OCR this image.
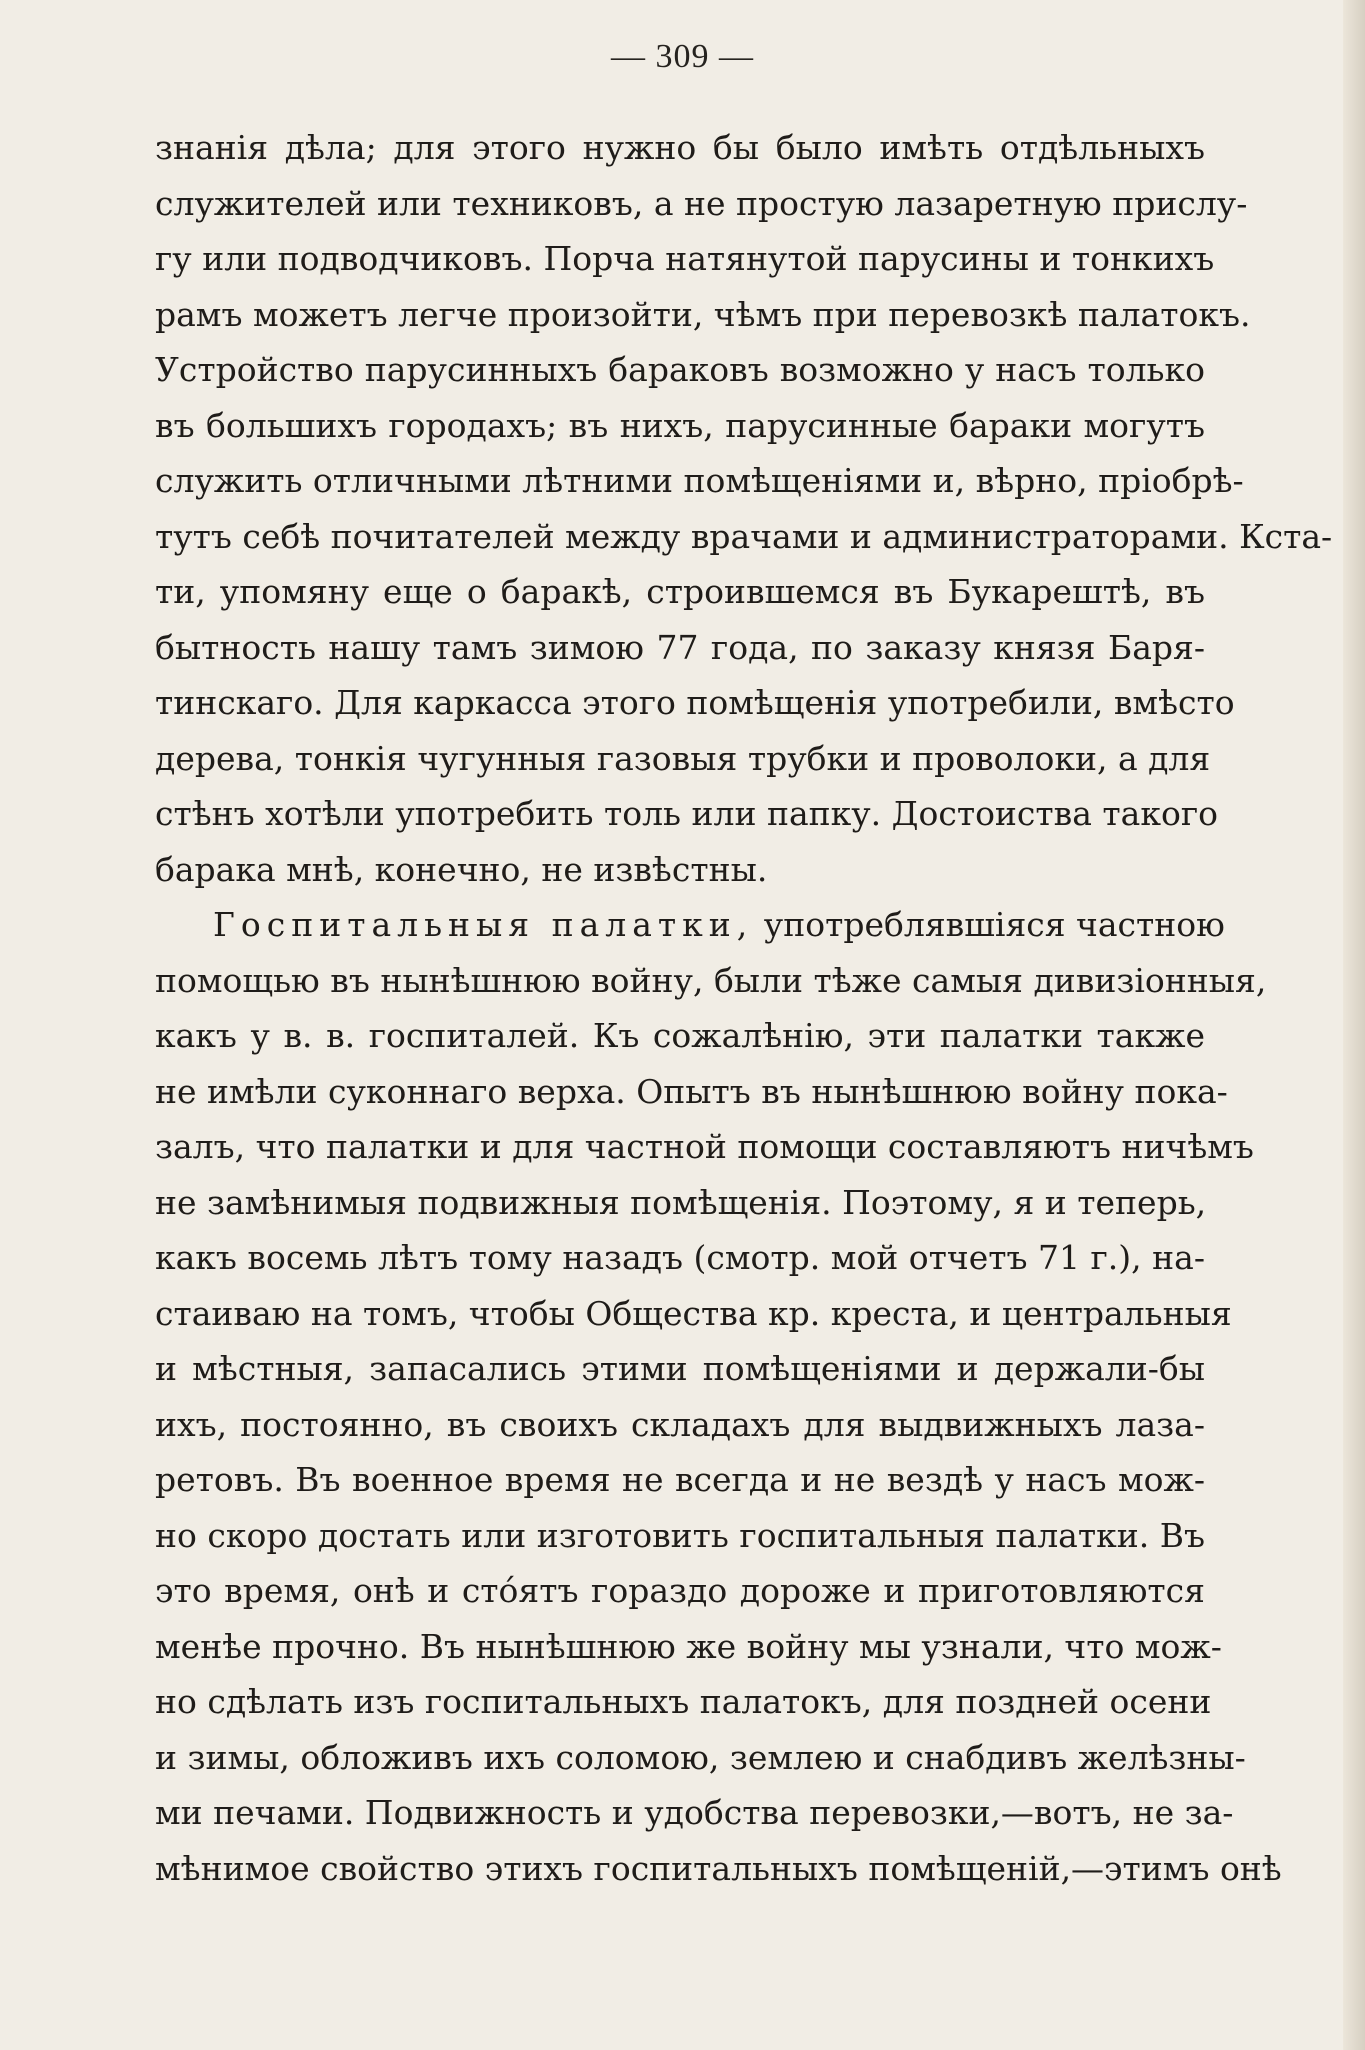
— 309 —
знанія дѣла; для этого нужно бы было имѣть отдѣльныхъ
служителей или техниковъ, а не простую лазаретную прислу-
гу или подводчиковъ. Порча натянутой парусины и тонкихъ
рамъ можетъ легче произойти, чѣмъ при перевозкѣ палатокъ.
Устройство парусинныхъ бараковъ возможно у насъ только
въ большихъ городахъ; въ нихъ, парусинные бараки могутъ
служить отличными лѣтними помѣщеніями и, вѣрно, пріобрѣ-
тутъ себѣ почитателей между врачами и администраторами. Кста-
ти, упомяну еще о баракѣ, строившемся въ Букарештѣ, въ
бытность нашу тамъ зимою 77 года, по заказу князя Баря-
тинскаго. Для каркасса этого помѣщенія употребили, вмѣсто
дерева, тонкія чугунныя газовыя трубки и проволоки, а для
стѣнъ хотѣли употребить толь или папку. Достоиства такого
барака мнѣ, конечно, не извѣстны.
Госпитальныя палатки, употреблявшіяся частною
помощью въ нынѣшнюю войну, были тѣже самыя дивизіонныя,
какъ у в. в. госпиталей. Къ сожалѣнію, эти палатки также
не имѣли суконнаго верха. Опытъ въ нынѣшнюю войну пока-
залъ, что палатки и для частной помощи составляютъ ничѣмъ
не замѣнимыя подвижныя помѣщенія. Поэтому, я и теперь,
какъ восемь лѣтъ тому назадъ (смотр. мой отчетъ 71 г.), на-
стаиваю на томъ, чтобы Общества кр. креста, и центральныя
и мѣстныя, запасались этими помѣщеніями и держали-бы
ихъ, постоянно, въ своихъ складахъ для выдвижныхъ лаза-
ретовъ. Въ военное время не всегда и не вездѣ у насъ мож-
но скоро достать или изготовить госпитальныя палатки. Въ
это время, онѣ и стóятъ гораздо дороже и приготовляются
менѣе прочно. Въ нынѣшнюю же войну мы узнали, что мож-
но сдѣлать изъ госпитальныхъ палатокъ, для поздней осени
и зимы, обложивъ ихъ соломою, землею и снабдивъ желѣзны-
ми печами. Подвижность и удобства перевозки,—вотъ, не за-
мѣнимое свойство этихъ госпитальныхъ помѣщеній,—этимъ онѣ
